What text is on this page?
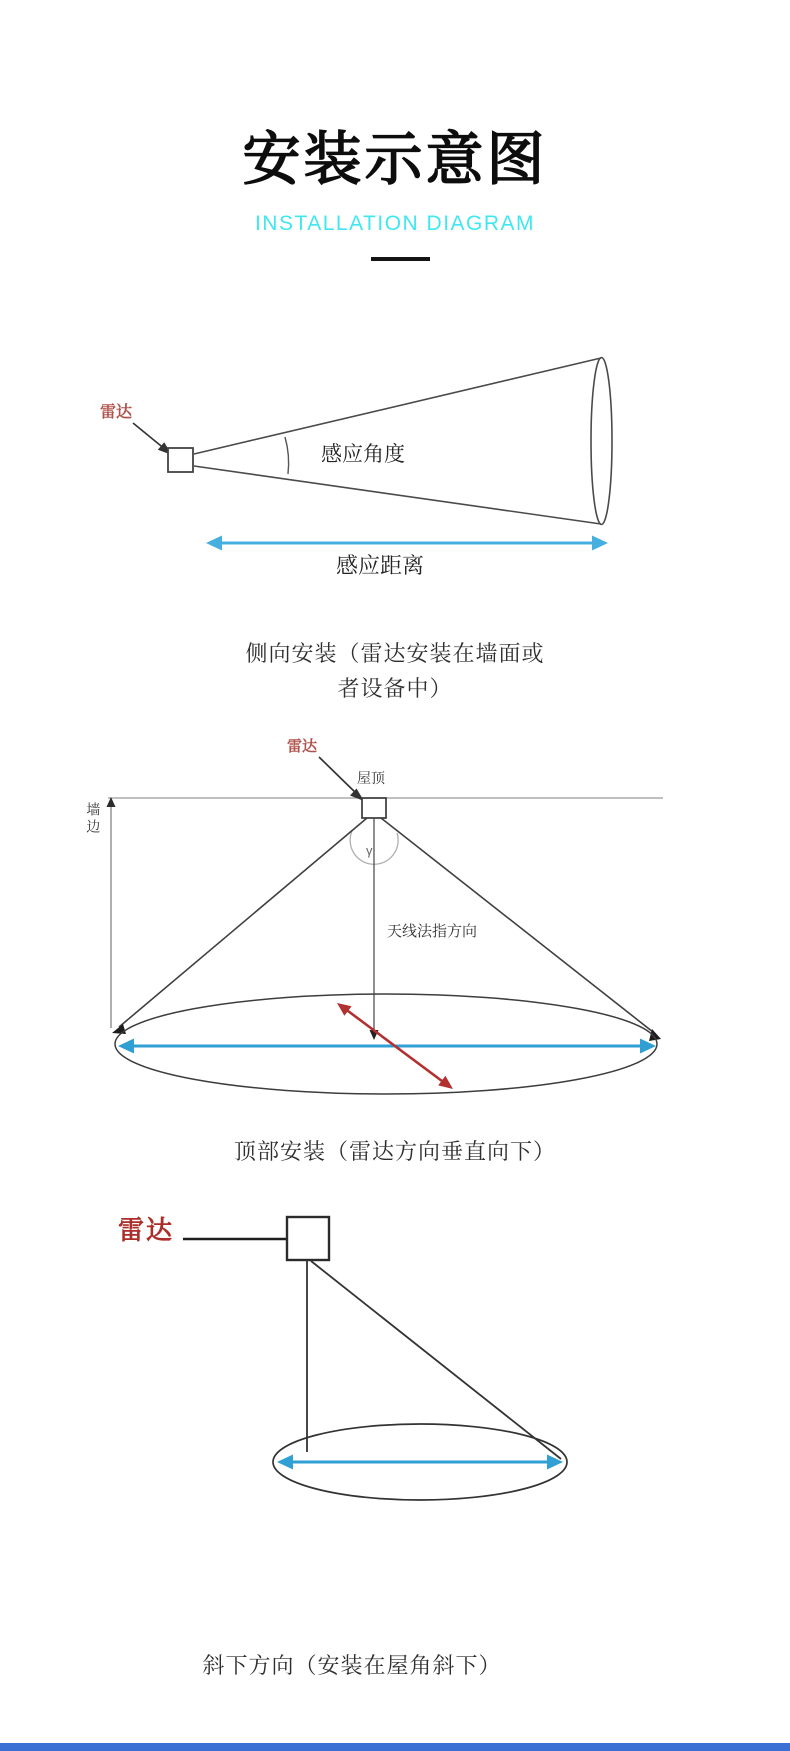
安装示意图
INSTALLATION DIAGRAM
雷达
感应角度
感应距离
侧向安装（雷达安装在墙面或
者设备中）
雷达
屋顶
墙边
γ
天线法指方向
顶部安装（雷达方向垂直向下）
雷达
斜下方向（安装在屋角斜下）
